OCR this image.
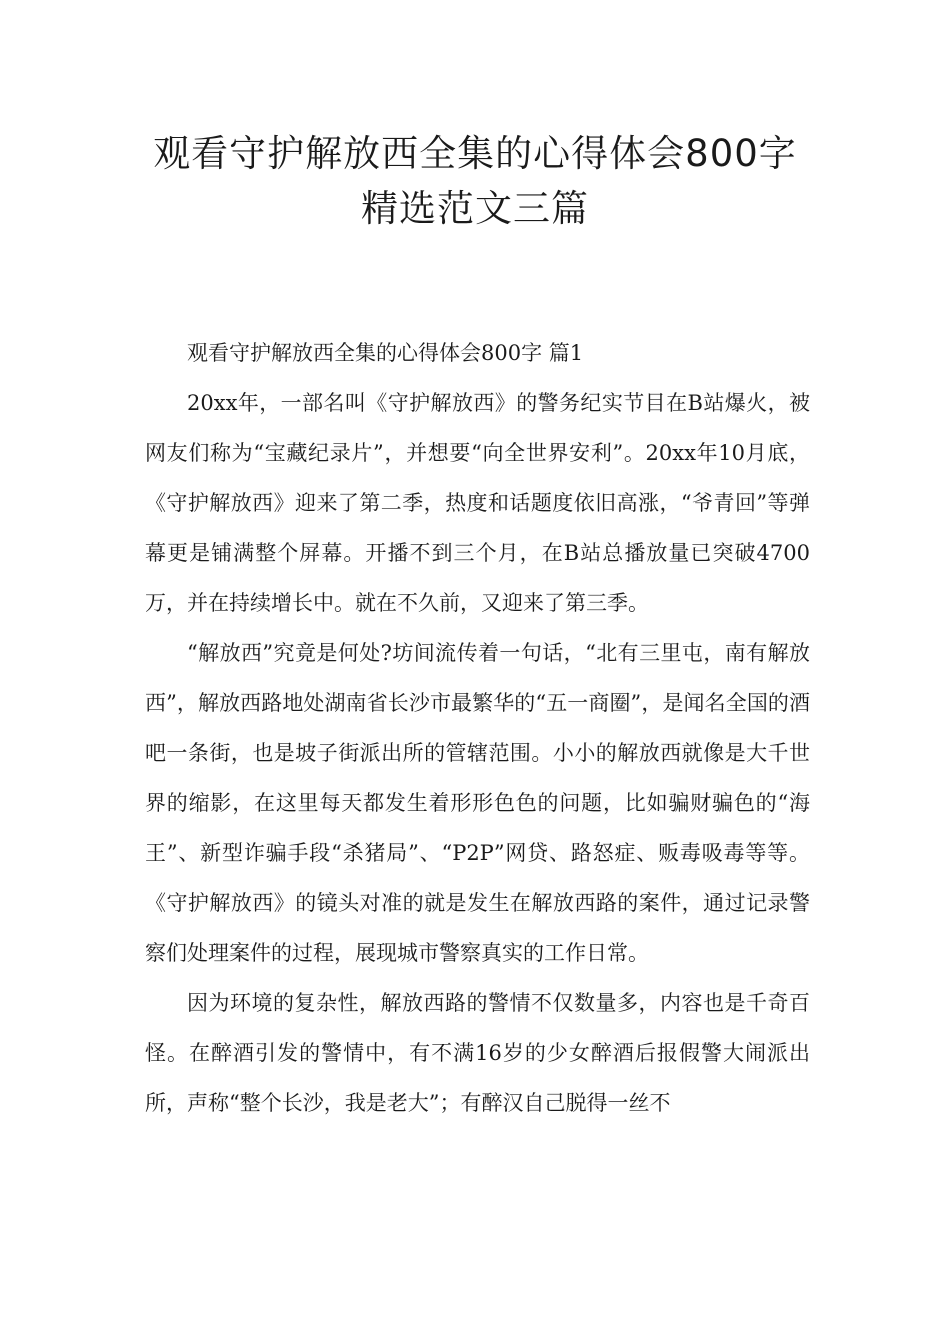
观看守护解放西全集的心得体会800字
精选范文三篇

观看守护解放西全集的心得体会800字 篇1

20xx年，一部名叫《守护解放西》的警务纪实节目在B站爆火，被网友们称为“宝藏纪录片”，并想要“向全世界安利”。20xx年10月底，《守护解放西》迎来了第二季，热度和话题度依旧高涨，“爷青回”等弹幕更是铺满整个屏幕。开播不到三个月，在B站总播放量已突破4700万，并在持续增长中。就在不久前，又迎来了第三季。

“解放西”究竟是何处?坊间流传着一句话，“北有三里屯，南有解放西”，解放西路地处湖南省长沙市最繁华的“五一商圈”，是闻名全国的酒吧一条街，也是坡子街派出所的管辖范围。小小的解放西就像是大千世界的缩影，在这里每天都发生着形形色色的问题，比如骗财骗色的“海王”、新型诈骗手段“杀猪局”、“P2P”网贷、路怒症、贩毒吸毒等等。《守护解放西》的镜头对准的就是发生在解放西路的案件，通过记录警察们处理案件的过程，展现城市警察真实的工作日常。

因为环境的复杂性，解放西路的警情不仅数量多，内容也是千奇百怪。在醉酒引发的警情中，有不满16岁的少女醉酒后报假警大闹派出所，声称“整个长沙，我是老大”；有醉汉自己脱得一丝不
